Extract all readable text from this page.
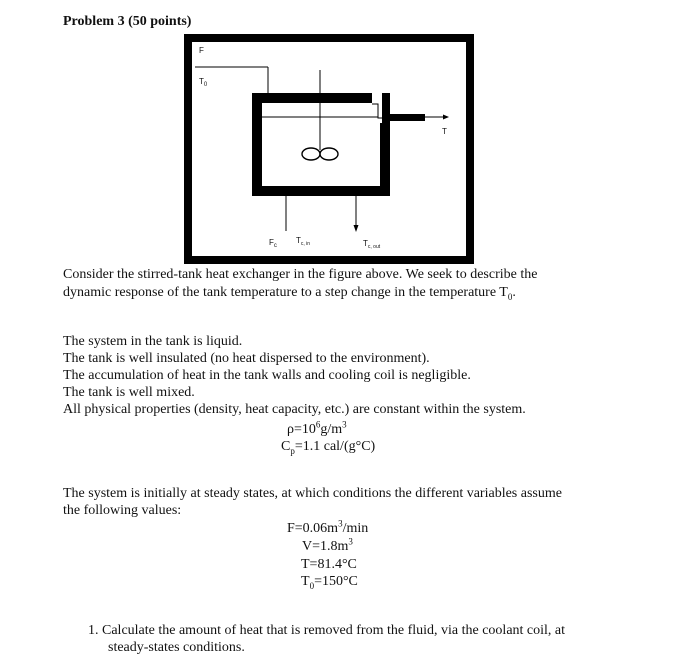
Problem 3 (50 points)
F
$T_0$
T
$F_c$
$T_{c, in}$	$T_{c, out}$
Consider the stirred-tank heat exchanger in the figure above. We seek to describe the
dynamic response of the tank temperature to a step change in the temperature $T_0$.
The system in the tank is liquid.
The tank is well insulated (no heat dispersed to the environment).
The accumulation of heat in the tank walls and cooling coil is negligible.
The tank is well mixed.
All physical properties (density, heat capacity, etc.) are constant within the system.
$\rho=10^6g/m^3$
$C_p=1.1$ cal/(g°C)
The system is initially at steady states, at which conditions the different variables assume
the following values:
$F=0.06m^3/\min$
$V=1.8m^3$
T=81.4°C
$T_0=150^\circ C$
1. Calculate the amount of heat that is removed from the fluid, via the coolant coil, at
steady-states conditions.
